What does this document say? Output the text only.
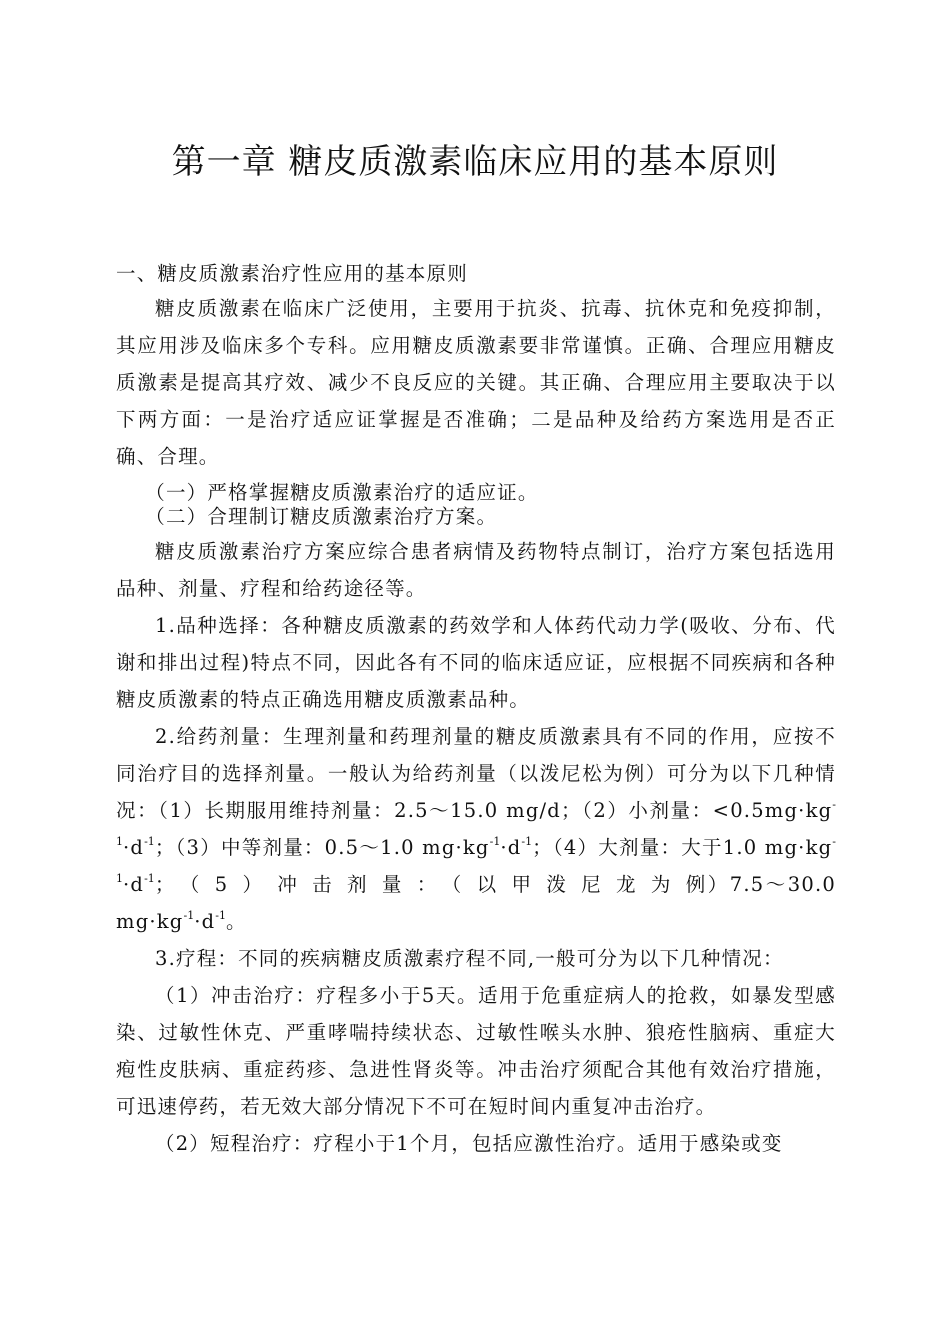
第一章 糖皮质激素临床应用的基本原则

一、糖皮质激素治疗性应用的基本原则

糖皮质激素在临床广泛使用，主要用于抗炎、抗毒、抗休克和免疫抑制，其应用涉及临床多个专科。应用糖皮质激素要非常谨慎。正确、合理应用糖皮质激素是提高其疗效、减少不良反应的关键。其正确、合理应用主要取决于以下两方面：一是治疗适应证掌握是否准确；二是品种及给药方案选用是否正确、合理。

（一）严格掌握糖皮质激素治疗的适应证。

（二）合理制订糖皮质激素治疗方案。

糖皮质激素治疗方案应综合患者病情及药物特点制订，治疗方案包括选用品种、剂量、疗程和给药途径等。

1.品种选择：各种糖皮质激素的药效学和人体药代动力学(吸收、分布、代谢和排出过程)特点不同，因此各有不同的临床适应证，应根据不同疾病和各种糖皮质激素的特点正确选用糖皮质激素品种。

2.给药剂量：生理剂量和药理剂量的糖皮质激素具有不同的作用，应按不同治疗目的选择剂量。一般认为给药剂量（以泼尼松为例）可分为以下几种情况：（1）长期服用维持剂量：2.5～15.0 mg/d；（2）小剂量：$<0.5mg\cdot kg^{-1}\cdot d^{-1}$；（3）中等剂量：0.5～1.0 $mg\cdot kg^{-1}\cdot d^{-1}$；（4）大剂量：大于1.0 $mg\cdot kg^{-1}\cdot d^{-1}$；（5）冲击剂量：（以甲泼尼龙为例）7.5～30.0 $mg\cdot kg^{-1}\cdot d^{-1}$。

3.疗程：不同的疾病糖皮质激素疗程不同,一般可分为以下几种情况：

（1）冲击治疗：疗程多小于5天。适用于危重症病人的抢救，如暴发型感染、过敏性休克、严重哮喘持续状态、过敏性喉头水肿、狼疮性脑病、重症大疱性皮肤病、重症药疹、急进性肾炎等。冲击治疗须配合其他有效治疗措施，可迅速停药，若无效大部分情况下不可在短时间内重复冲击治疗。

（2）短程治疗：疗程小于1个月，包括应激性治疗。适用于感染或变
